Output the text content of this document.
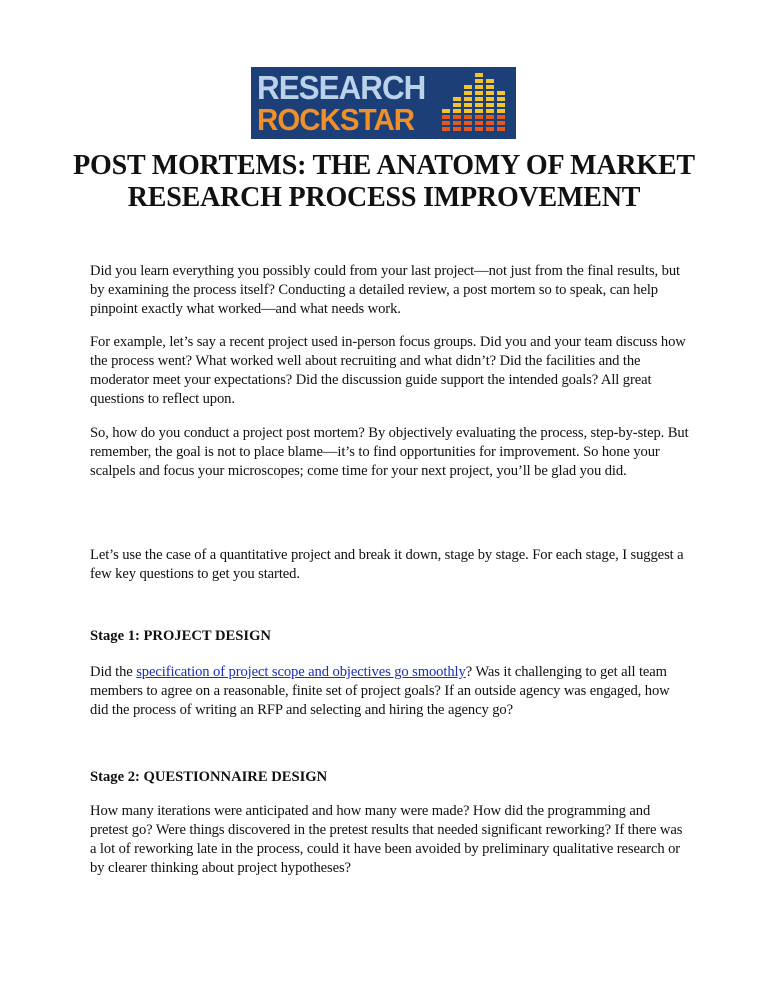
RESEARCH
ROCKSTAR
POST MORTEMS: THE ANATOMY OF MARKET
RESEARCH PROCESS IMPROVEMENT

Did you learn everything you possibly could from your last project—not just from the final results, but by examining the process itself? Conducting a detailed review, a post mortem so to speak, can help pinpoint exactly what worked—and what needs work.

For example, let’s say a recent project used in-person focus groups. Did you and your team discuss how the process went? What worked well about recruiting and what didn’t? Did the facilities and the moderator meet your expectations? Did the discussion guide support the intended goals? All great questions to reflect upon.

So, how do you conduct a project post mortem? By objectively evaluating the process, step-by-step. But remember, the goal is not to place blame—it’s to find opportunities for improvement. So hone your scalpels and focus your microscopes; come time for your next project, you’ll be glad you did.

Let’s use the case of a quantitative project and break it down, stage by stage. For each stage, I suggest a few key questions to get you started.

Stage 1: PROJECT DESIGN

Did the specification of project scope and objectives go smoothly? Was it challenging to get all team members to agree on a reasonable, finite set of project goals? If an outside agency was engaged, how did the process of writing an RFP and selecting and hiring the agency go?

Stage 2: QUESTIONNAIRE DESIGN

How many iterations were anticipated and how many were made? How did the programming and pretest go? Were things discovered in the pretest results that needed significant reworking? If there was a lot of reworking late in the process, could it have been avoided by preliminary qualitative research or by clearer thinking about project hypotheses?
